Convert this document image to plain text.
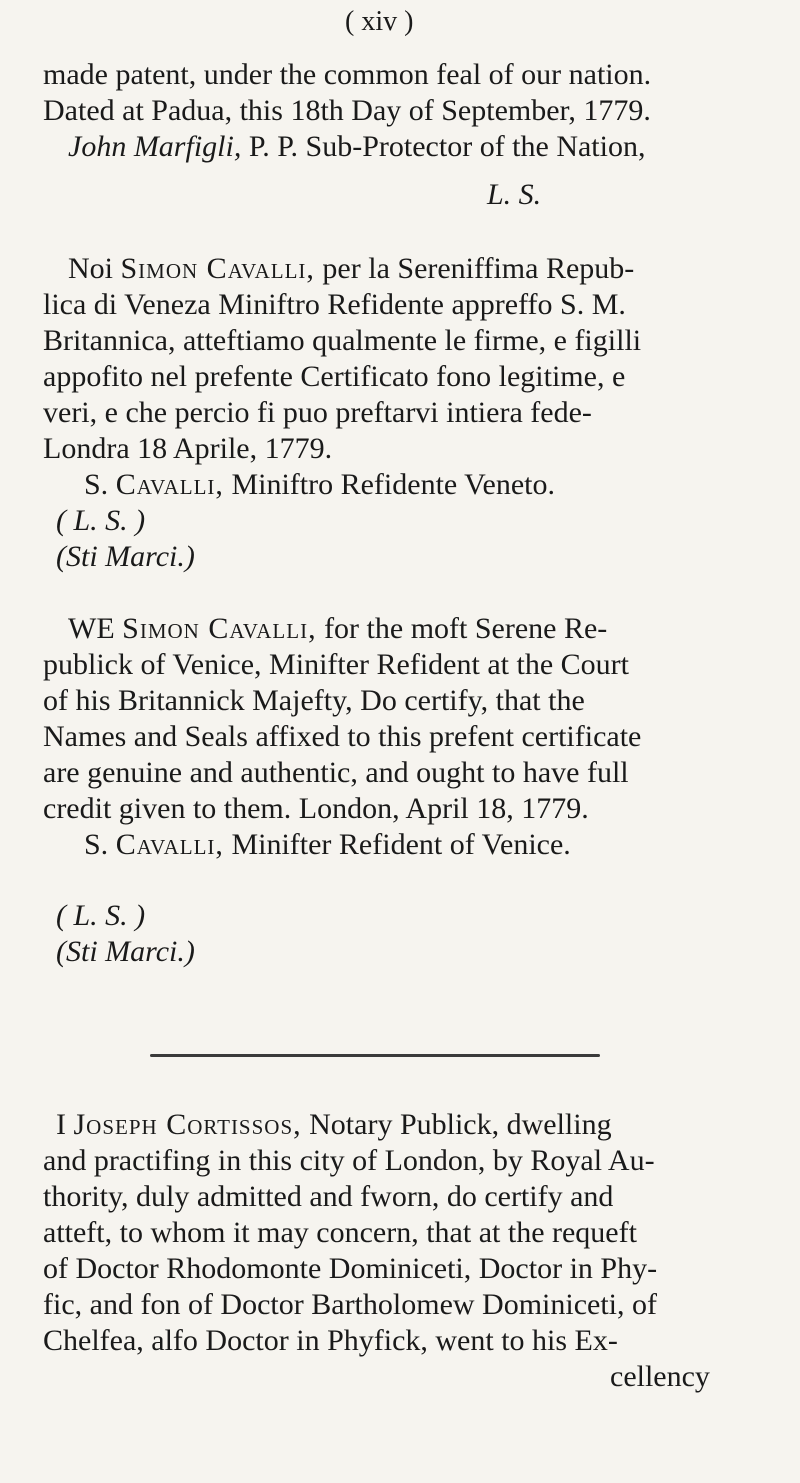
( xiv )
made patent, under the common feal of our nation.
Dated at Padua, this 18th Day of September, 1779.
John Marfigli, P. P. Sub-Protector of the Nation,
L. S.
Noi Simon Cavalli, per la Sereniffima Repub-
lica di Veneza Miniftro Refidente appreffo S. M.
Britannica, atteftiamo qualmente le firme, e figilli
appofito nel prefente Certificato fono legitime, e
veri, e che percio fi puo preftarvi intiera fede-
Londra 18 Aprile, 1779.
S. Cavalli, Miniftro Refidente Veneto.
( L. S. )
(Sti Marci.)
WE Simon Cavalli, for the moft Serene Re-
publick of Venice, Minifter Refident at the Court
of his Britannick Majefty, Do certify, that the
Names and Seals affixed to this prefent certificate
are genuine and authentic, and ought to have full
credit given to them. London, April 18, 1779.
S. Cavalli, Minifter Refident of Venice.
( L. S. )
(Sti Marci.)
I Joseph Cortissos, Notary Publick, dwelling
and practifing in this city of London, by Royal Au-
thority, duly admitted and fworn, do certify and
atteft, to whom it may concern, that at the requeft
of Doctor Rhodomonte Dominiceti, Doctor in Phy-
fic, and fon of Doctor Bartholomew Dominiceti, of
Chelfea, alfo Doctor in Phyfick, went to his Ex-
cellency
